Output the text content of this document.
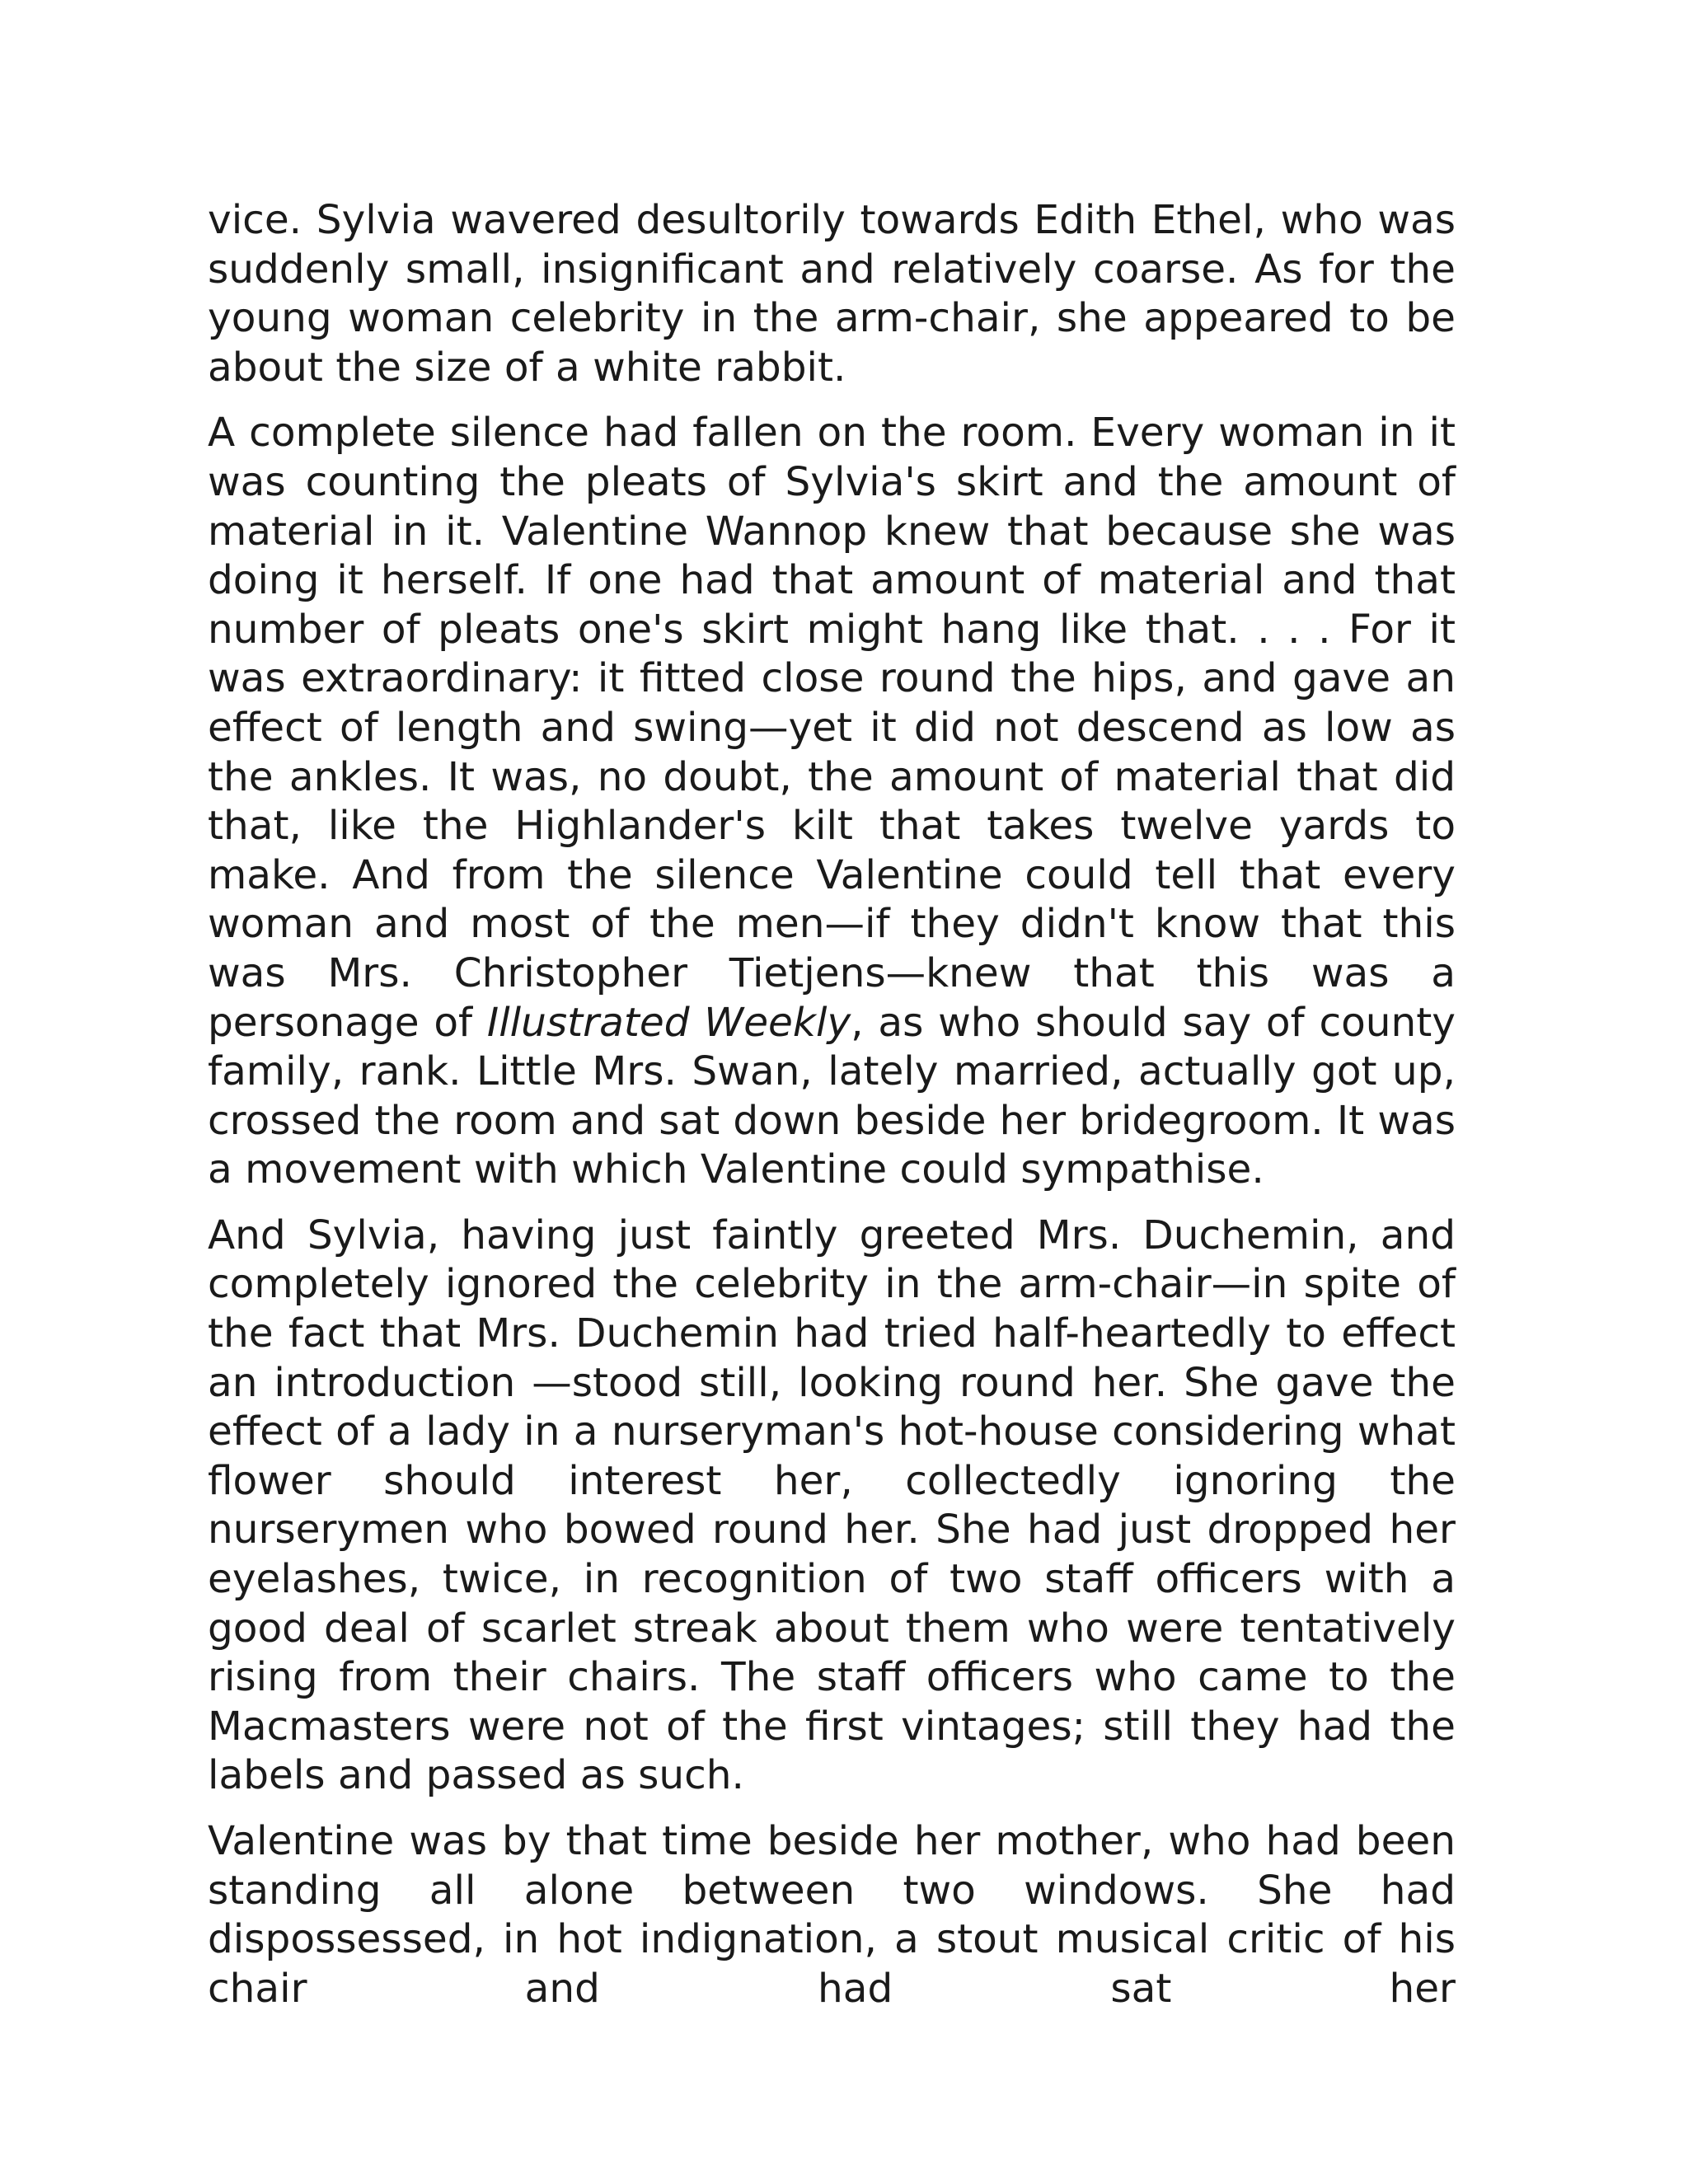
vice. Sylvia wavered desultorily towards Edith Ethel, who was suddenly small, insignificant and relatively coarse. As for the young woman celebrity in the arm-chair, she appeared to be about the size of a white rabbit.

A complete silence had fallen on the room. Every woman in it was counting the pleats of Sylvia's skirt and the amount of material in it. Valentine Wannop knew that because she was doing it herself. If one had that amount of material and that number of pleats one's skirt might hang like that. . . . For it was extraordinary: it fitted close round the hips, and gave an effect of length and swing—yet it did not descend as low as the ankles. It was, no doubt, the amount of material that did that, like the Highlander's kilt that takes twelve yards to make. And from the silence Valentine could tell that every woman and most of the men—if they didn't know that this was Mrs. Christopher Tietjens—knew that this was a personage of Illustrated Weekly, as who should say of county family, rank. Little Mrs. Swan, lately married, actually got up, crossed the room and sat down beside her bridegroom. It was a movement with which Valentine could sympathise.

And Sylvia, having just faintly greeted Mrs. Duchemin, and completely ignored the celebrity in the arm-chair—in spite of the fact that Mrs. Duchemin had tried half-heartedly to effect an introduction —stood still, looking round her. She gave the effect of a lady in a nurseryman's hot-house considering what flower should interest her, collectedly ignoring the nurserymen who bowed round her. She had just dropped her eyelashes, twice, in recognition of two staff officers with a good deal of scarlet streak about them who were tentatively rising from their chairs. The staff officers who came to the Macmasters were not of the first vintages; still they had the labels and passed as such.

Valentine was by that time beside her mother, who had been standing all alone between two windows. She had dispossessed, in hot indignation, a stout musical critic of his chair and had sat her
